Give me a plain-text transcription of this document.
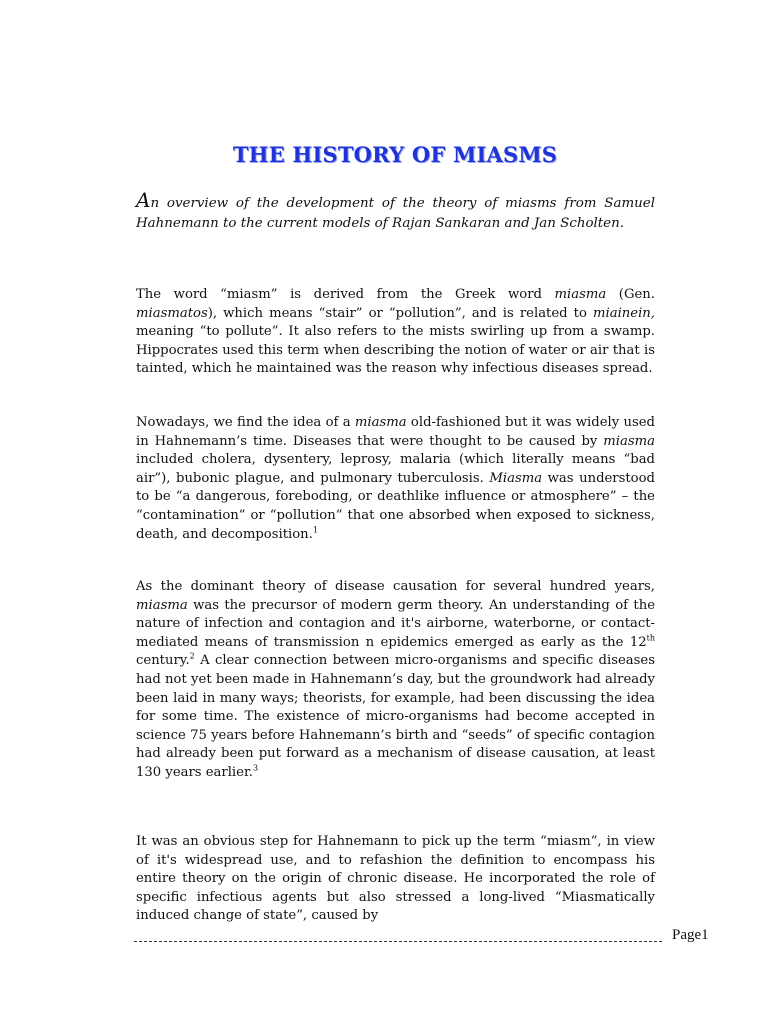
THE HISTORY OF MIASMS

An overview of the development of the theory of miasms from Samuel Hahnemann to the current models of Rajan Sankaran and Jan Scholten.

The word “miasm” is derived from the Greek word miasma (Gen. miasmatos), which means “stair” or “pollution”, and is related to miainein, meaning “to pollute”. It also refers to the mists swirling up from a swamp. Hippocrates used this term when describing the notion of water or air that is tainted, which he maintained was the reason why infectious diseases spread.

Nowadays, we find the idea of a miasma old-fashioned but it was widely used in Hahnemann’s time. Diseases that were thought to be caused by miasma included cholera, dysentery, leprosy, malaria (which literally means “bad air”), bubonic plague, and pulmonary tuberculosis. Miasma was understood to be “a dangerous, foreboding, or deathlike influence or atmosphere” – the “contamination” or “pollution” that one absorbed when exposed to sickness, death, and decomposition.$^1$

As the dominant theory of disease causation for several hundred years, miasma was the precursor of modern germ theory. An understanding of the nature of infection and contagion and it's airborne, waterborne, or contact-mediated means of transmission n epidemics emerged as early as the 12th century.$^2$ A clear connection between micro-organisms and specific diseases had not yet been made in Hahnemann’s day, but the groundwork had already been laid in many ways; theorists, for example, had been discussing the idea for some time. The existence of micro-organisms had become accepted in science 75 years before Hahnemann’s birth and “seeds” of specific contagion had already been put forward as a mechanism of disease causation, at least 130 years earlier.$^3$

It was an obvious step for Hahnemann to pick up the term “miasm”, in view of it's widespread use, and to refashion the definition to encompass his entire theory on the origin of chronic disease. He incorporated the role of specific infectious agents but also stressed a long-lived “Miasmatically induced change of state”, caused by

Page1
